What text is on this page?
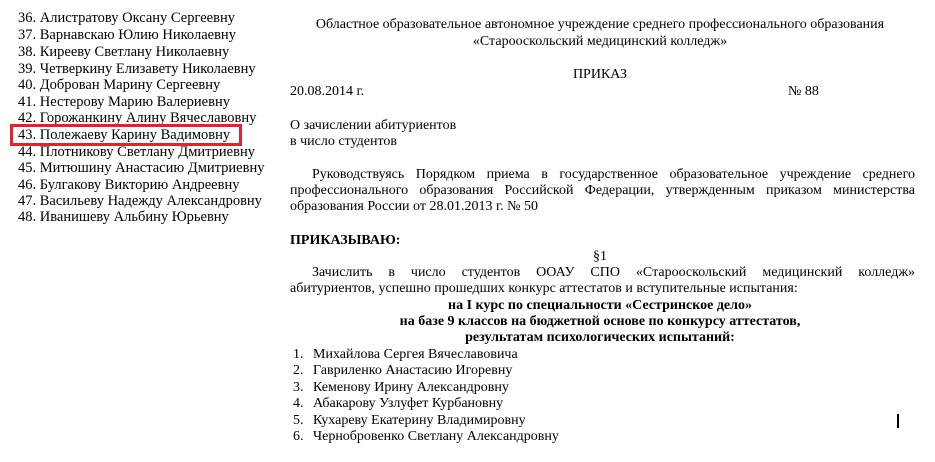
36. Алистратову Оксану Сергеевну
37. Варнавскаю Юлию Николаевну
38. Кирееву Светлану Николаевну
39. Четверкину Елизавету Николаевну
40. Доброван Марину Сергеевну
41. Нестерову Марию Валериевну
42. Горожанкину Алину Вячеславовну
43. Полежаеву Карину Вадимовну
44. Плотникову Светлану Дмитриевну
45. Митюшину Анастасию Дмитриевну
46. Булгакову Викторию Андреевну
47. Васильеву Надежду Александровну
48. Иванишеву Альбину Юрьевну
Областное образовательное автономное учреждение среднего профессионального образования
«Старооскольский медицинский колледж»
ПРИКАЗ
20.08.2014 г.	№ 88
О зачислении абитуриентов
в число студентов
Руководствуясь Порядком приема в государственное образовательное учреждение среднего
профессионального образования Российской Федерации, утвержденным приказом министерства
образования России от 28.01.2013 г. № 50
ПРИКАЗЫВАЮ:
§1
Зачислить в число студентов ООАУ СПО «Старооскольский медицинский колледж»
абитуриентов, успешно прошедших конкурс аттестатов и вступительные испытания:
на I курс по специальности «Сестринское дело»
на базе 9 классов на бюджетной основе по конкурсу аттестатов,
результатам психологических испытаний:
1. Михайлова Сергея Вячеславовича
2. Гавриленко Анастасию Игоревну
3. Кеменову Ирину Александровну
4. Абакарову Узлуфет Курбановну
5. Кухареву Екатерину Владимировну
6. Чернобровенко Светлану Александровну
